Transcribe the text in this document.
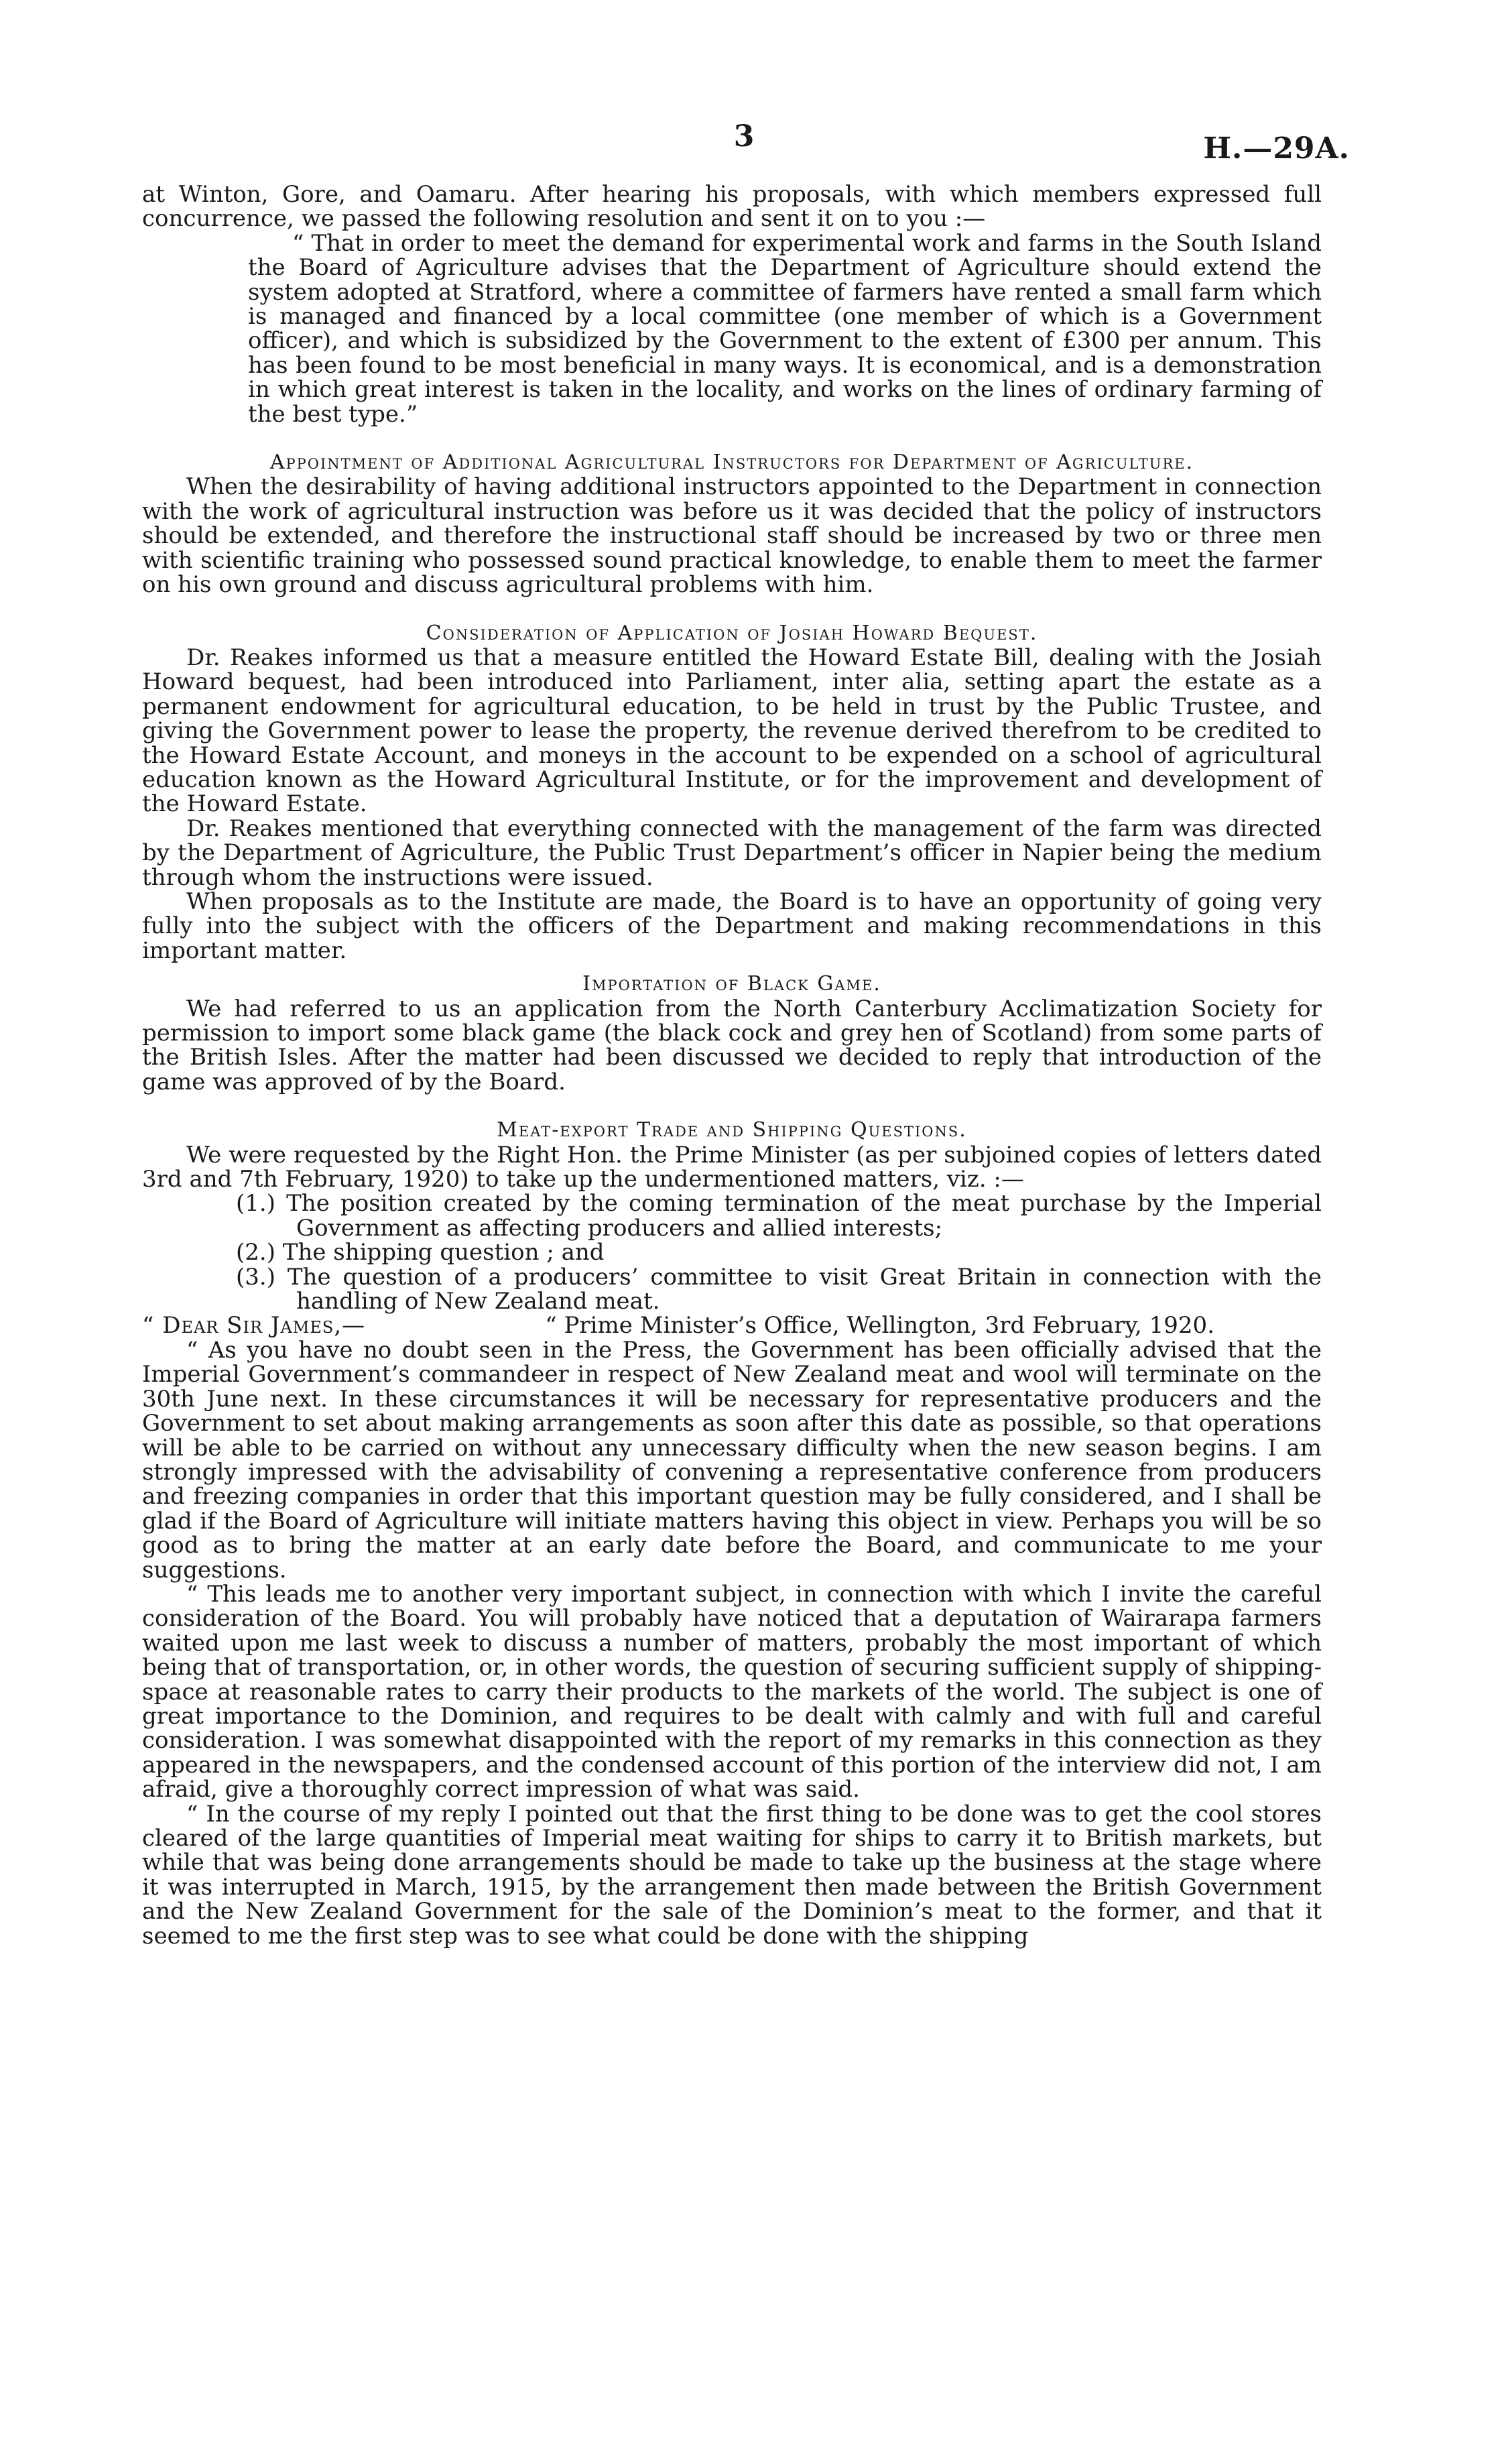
3	H.—29A.

at Winton, Gore, and Oamaru. After hearing his proposals, with which members expressed full concurrence, we passed the following resolution and sent it on to you :—

“ That in order to meet the demand for experimental work and farms in the South Island the Board of Agriculture advises that the Department of Agriculture should extend the system adopted at Stratford, where a committee of farmers have rented a small farm which is managed and financed by a local committee (one member of which is a Government officer), and which is subsidized by the Government to the extent of £300 per annum. This has been found to be most beneficial in many ways. It is economical, and is a demonstration in which great interest is taken in the locality, and works on the lines of ordinary farming of the best type.”

Appointment of Additional Agricultural Instructors for Department of Agriculture.

When the desirability of having additional instructors appointed to the Department in connection with the work of agricultural instruction was before us it was decided that the policy of instructors should be extended, and therefore the instructional staff should be increased by two or three men with scientific training who possessed sound practical knowledge, to enable them to meet the farmer on his own ground and discuss agricultural problems with him.

Consideration of Application of Josiah Howard Bequest.

Dr. Reakes informed us that a measure entitled the Howard Estate Bill, dealing with the Josiah Howard bequest, had been introduced into Parliament, inter alia, setting apart the estate as a permanent endowment for agricultural education, to be held in trust by the Public Trustee, and giving the Government power to lease the property, the revenue derived therefrom to be credited to the Howard Estate Account, and moneys in the account to be expended on a school of agricultural education known as the Howard Agricultural Institute, or for the improvement and development of the Howard Estate.

Dr. Reakes mentioned that everything connected with the management of the farm was directed by the Department of Agriculture, the Public Trust Department’s officer in Napier being the medium through whom the instructions were issued.

When proposals as to the Institute are made, the Board is to have an opportunity of going very fully into the subject with the officers of the Department and making recommendations in this important matter.

Importation of Black Game.

We had referred to us an application from the North Canterbury Acclimatization Society for permission to import some black game (the black cock and grey hen of Scotland) from some parts of the British Isles. After the matter had been discussed we decided to reply that introduction of the game was approved of by the Board.

Meat-export Trade and Shipping Questions.

We were requested by the Right Hon. the Prime Minister (as per subjoined copies of letters dated 3rd and 7th February, 1920) to take up the undermentioned matters, viz. :—

(1.) The position created by the coming termination of the meat purchase by the Imperial Government as affecting producers and allied interests;

(2.) The shipping question ; and

(3.) The question of a producers’ committee to visit Great Britain in connection with the handling of New Zealand meat.

“ Dear Sir James,—	“ Prime Minister’s Office, Wellington, 3rd February, 1920.

“ As you have no doubt seen in the Press, the Government has been officially advised that the Imperial Government’s commandeer in respect of New Zealand meat and wool will terminate on the 30th June next. In these circumstances it will be necessary for representative producers and the Government to set about making arrangements as soon after this date as possible, so that operations will be able to be carried on without any unnecessary difficulty when the new season begins. I am strongly impressed with the advisability of convening a representative conference from producers and freezing companies in order that this important question may be fully considered, and I shall be glad if the Board of Agriculture will initiate matters having this object in view. Perhaps you will be so good as to bring the matter at an early date before the Board, and communicate to me your suggestions.

“ This leads me to another very important subject, in connection with which I invite the careful consideration of the Board. You will probably have noticed that a deputation of Wairarapa farmers waited upon me last week to discuss a number of matters, probably the most important of which being that of transportation, or, in other words, the question of securing sufficient supply of shipping-space at reasonable rates to carry their products to the markets of the world. The subject is one of great importance to the Dominion, and requires to be dealt with calmly and with full and careful consideration. I was somewhat disappointed with the report of my remarks in this connection as they appeared in the newspapers, and the condensed account of this portion of the interview did not, I am afraid, give a thoroughly correct impression of what was said.

“ In the course of my reply I pointed out that the first thing to be done was to get the cool stores cleared of the large quantities of Imperial meat waiting for ships to carry it to British markets, but while that was being done arrangements should be made to take up the business at the stage where it was interrupted in March, 1915, by the arrangement then made between the British Government and the New Zealand Government for the sale of the Dominion’s meat to the former, and that it seemed to me the first step was to see what could be done with the shipping
